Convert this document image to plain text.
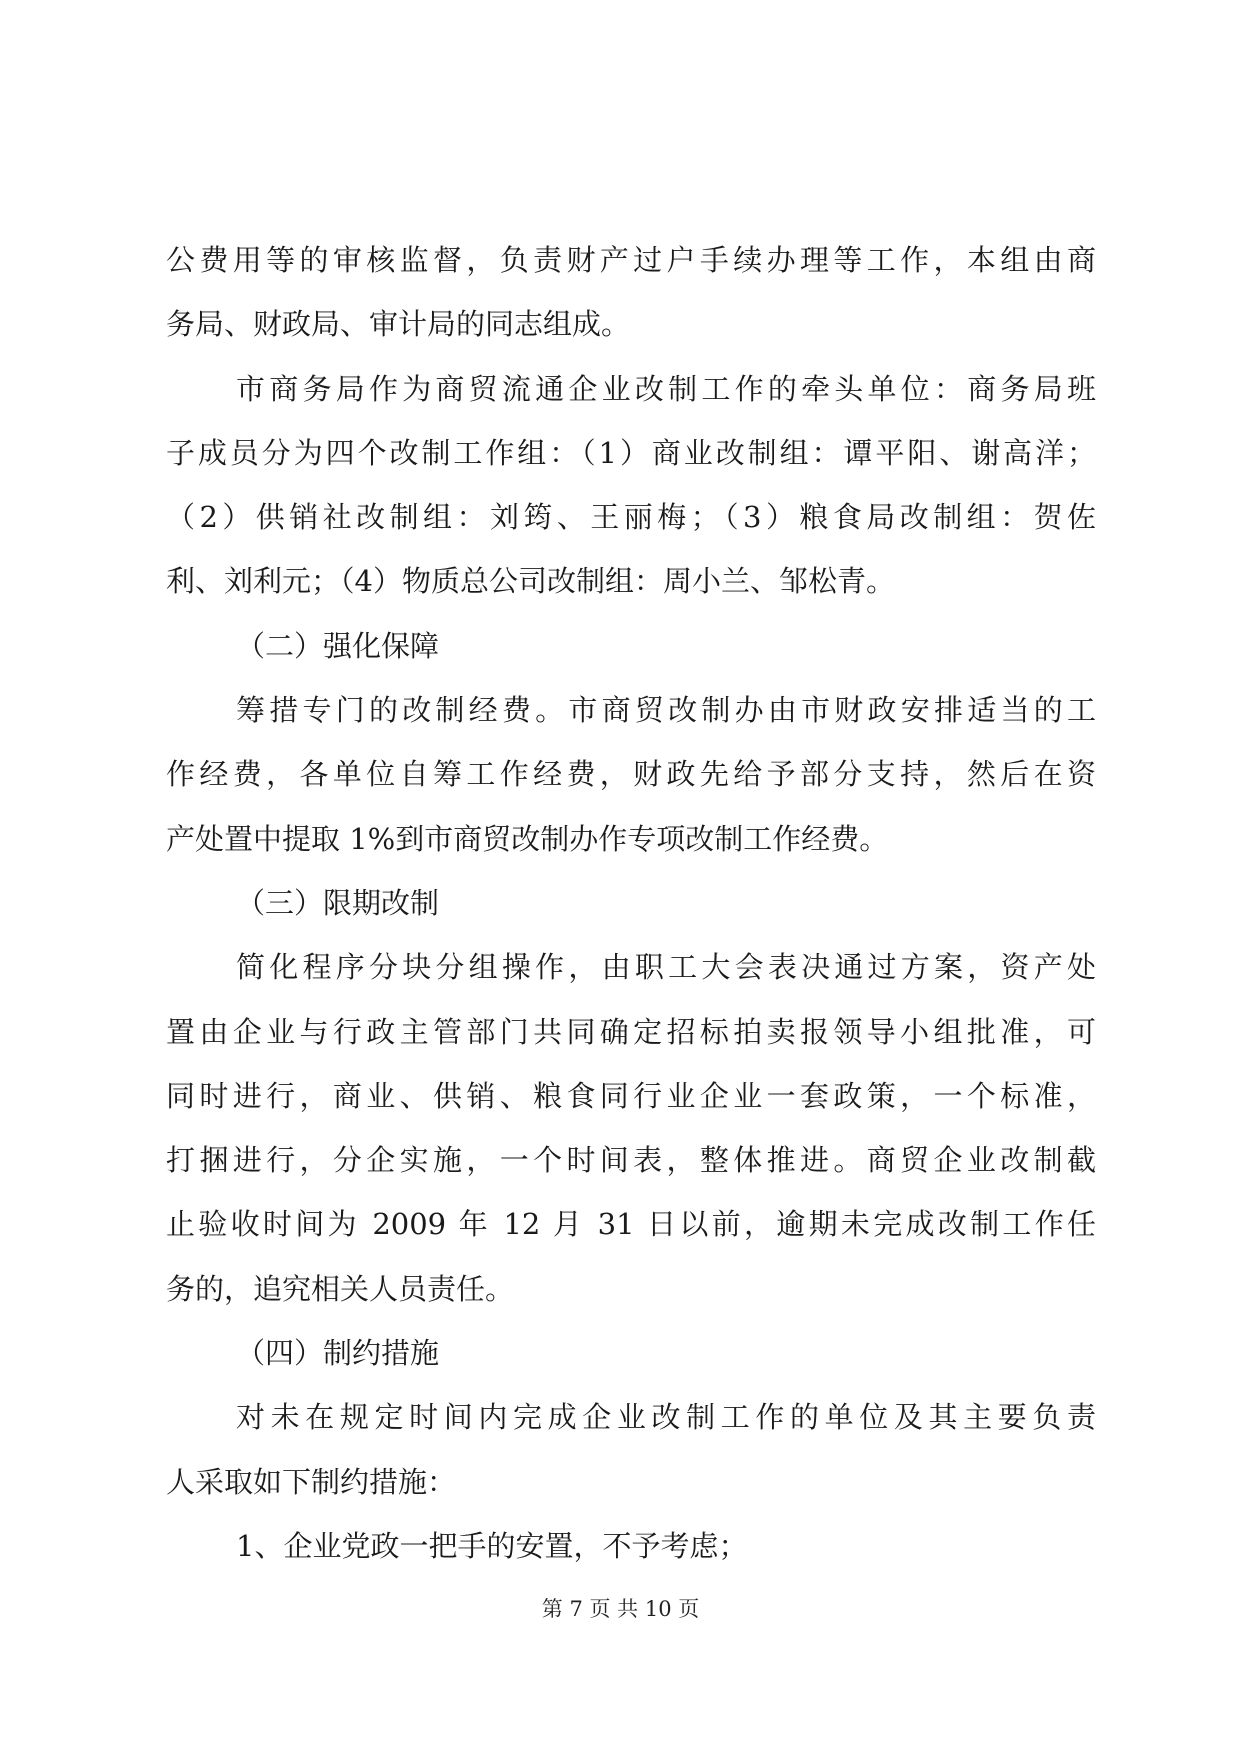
公费用等的审核监督，负责财产过户手续办理等工作，本组由商
务局、财政局、审计局的同志组成。
市商务局作为商贸流通企业改制工作的牵头单位：商务局班
子成员分为四个改制工作组：（1）商业改制组：谭平阳、谢高洋；
（2）供销社改制组：刘筠、王丽梅；（3）粮食局改制组：贺佐
利、刘利元；（4）物质总公司改制组：周小兰、邹松青。
（二）强化保障
筹措专门的改制经费。市商贸改制办由市财政安排适当的工
作经费，各单位自筹工作经费，财政先给予部分支持，然后在资
产处置中提取 1%到市商贸改制办作专项改制工作经费。
（三）限期改制
简化程序分块分组操作，由职工大会表决通过方案，资产处
置由企业与行政主管部门共同确定招标拍卖报领导小组批准，可
同时进行，商业、供销、粮食同行业企业一套政策，一个标准，
打捆进行，分企实施，一个时间表，整体推进。商贸企业改制截
止验收时间为 2009 年 12 月 31 日以前，逾期未完成改制工作任
务的，追究相关人员责任。
（四）制约措施
对未在规定时间内完成企业改制工作的单位及其主要负责
人采取如下制约措施：
1、企业党政一把手的安置，不予考虑；
第 7 页 共 10 页
